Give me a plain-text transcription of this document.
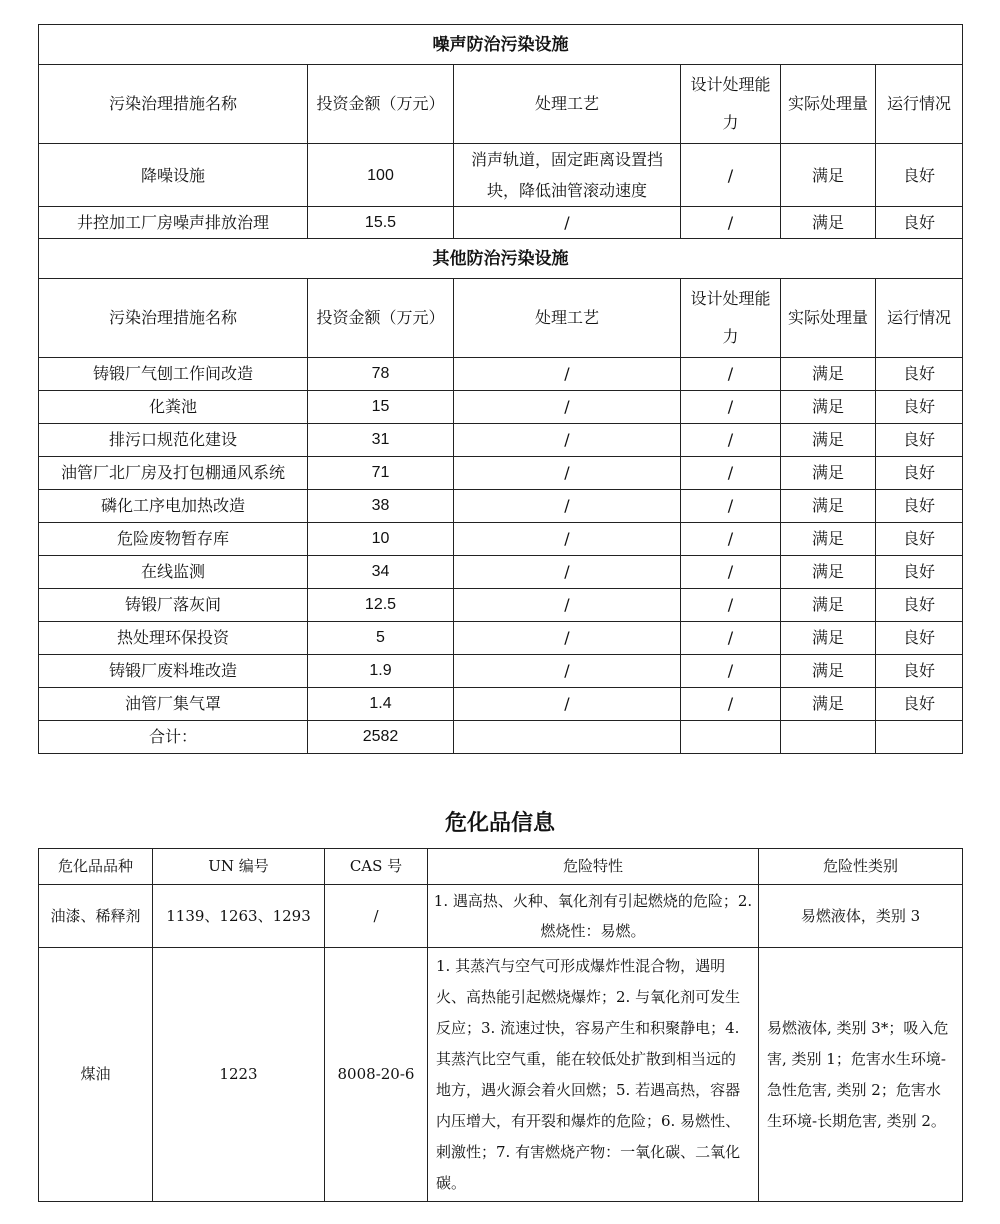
噪声防治污染设施					
污染治理措施名称	投资金额（万元）	处理工艺	设计处理能力	实际处理量	运行情况
降噪设施	100	消声轨道，固定距离设置挡块，降低油管滚动速度	/	满足	良好
井控加工厂房噪声排放治理	15.5	/	/	满足	良好
其他防治污染设施					
污染治理措施名称	投资金额（万元）	处理工艺	设计处理能力	实际处理量	运行情况
铸锻厂气刨工作间改造	78	/	/	满足	良好
化粪池	15	/	/	满足	良好
排污口规范化建设	31	/	/	满足	良好
油管厂北厂房及打包棚通风系统	71	/	/	满足	良好
磷化工序电加热改造	38	/	/	满足	良好
危险废物暂存库	10	/	/	满足	良好
在线监测	34	/	/	满足	良好
铸锻厂落灰间	12.5	/	/	满足	良好
热处理环保投资	5	/	/	满足	良好
铸锻厂废料堆改造	1.9	/	/	满足	良好
油管厂集气罩	1.4	/	/	满足	良好
合计：	2582				
危化品信息
危化品品种	UN 编号	CAS 号	危险特性	危险性类别
油漆、稀释剂	1139、1263、1293	/	1. 遇高热、火种、氧化剂有引起燃烧的危险；2. 燃烧性：易燃。	易燃液体，类别 3
煤油	1223	8008-20-6	1. 其蒸汽与空气可形成爆炸性混合物，遇明火、高热能引起燃烧爆炸；2. 与氧化剂可发生反应；3. 流速过快，容易产生和积聚静电；4. 其蒸汽比空气重，能在较低处扩散到相当远的地方，遇火源会着火回燃；5. 若遇高热，容器内压增大，有开裂和爆炸的危险；6. 易燃性、刺激性；7. 有害燃烧产物：一氧化碳、二氧化碳。	易燃液体, 类别 3*；吸入危害, 类别 1；危害水生环境-急性危害, 类别 2；危害水生环境-长期危害, 类别 2。
